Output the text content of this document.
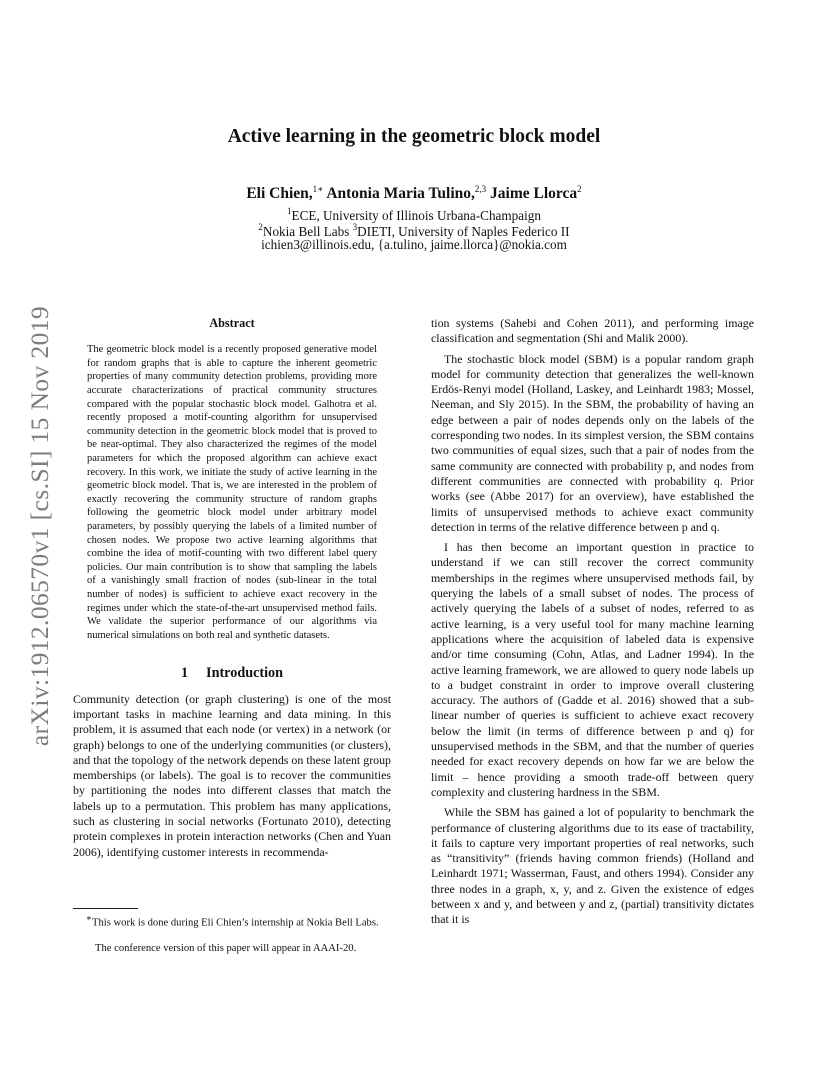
arXiv:1912.06570v1 [cs.SI] 15 Nov 2019
Active learning in the geometric block model
Eli Chien,$^{1∗}$ Antonia Maria Tulino,$^{2,3}$ Jaime Llorca$^2$
$^1$ECE, University of Illinois Urbana-Champaign
$^2$Nokia Bell Labs $^3$DIETI, University of Naples Federico II
ichien3@illinois.edu, {a.tulino, jaime.llorca}@nokia.com
Abstract

The geometric block model is a recently proposed generative model for random graphs that is able to capture the inherent geometric properties of many community detection problems, providing more accurate characterizations of practical community structures compared with the popular stochastic block model. Galhotra et al. recently proposed a motif-counting algorithm for unsupervised community detection in the geometric block model that is proved to be near-optimal. They also characterized the regimes of the model parameters for which the proposed algorithm can achieve exact recovery. In this work, we initiate the study of active learning in the geometric block model. That is, we are interested in the problem of exactly recovering the community structure of random graphs following the geometric block model under arbitrary model parameters, by possibly querying the labels of a limited number of chosen nodes. We propose two active learning algorithms that combine the idea of motif-counting with two different label query policies. Our main contribution is to show that sampling the labels of a vanishingly small fraction of nodes (sub-linear in the total number of nodes) is sufficient to achieve exact recovery in the regimes under which the state-of-the-art unsupervised method fails. We validate the superior performance of our algorithms via numerical simulations on both real and synthetic datasets.

1 Introduction

Community detection (or graph clustering) is one of the most important tasks in machine learning and data mining. In this problem, it is assumed that each node (or vertex) in a network (or graph) belongs to one of the underlying communities (or clusters), and that the topology of the network depends on these latent group memberships (or labels). The goal is to recover the communities by partitioning the nodes into different classes that match the labels up to a permutation. This problem has many applications, such as clustering in social networks (Fortunato 2010), detecting protein complexes in protein interaction networks (Chen and Yuan 2006), identifying customer interests in recommenda-

tion systems (Sahebi and Cohen 2011), and performing image classification and segmentation (Shi and Malik 2000).

The stochastic block model (SBM) is a popular random graph model for community detection that generalizes the well-known Erdös-Renyi model (Holland, Laskey, and Leinhardt 1983; Mossel, Neeman, and Sly 2015). In the SBM, the probability of having an edge between a pair of nodes depends only on the labels of the corresponding two nodes. In its simplest version, the SBM contains two communities of equal sizes, such that a pair of nodes from the same community are connected with probability p, and nodes from different communities are connected with probability q. Prior works (see (Abbe 2017) for an overview), have established the limits of unsupervised methods to achieve exact community detection in terms of the relative difference between p and q.

I has then become an important question in practice to understand if we can still recover the correct community memberships in the regimes where unsupervised methods fail, by querying the labels of a small subset of nodes. The process of actively querying the labels of a subset of nodes, referred to as active learning, is a very useful tool for many machine learning applications where the acquisition of labeled data is expensive and/or time consuming (Cohn, Atlas, and Ladner 1994). In the active learning framework, we are allowed to query node labels up to a budget constraint in order to improve overall clustering accuracy. The authors of (Gadde et al. 2016) showed that a sub-linear number of queries is sufficient to achieve exact recovery below the limit (in terms of difference between p and q) for unsupervised methods in the SBM, and that the number of queries needed for exact recovery depends on how far we are below the limit – hence providing a smooth trade-off between query complexity and clustering hardness in the SBM.

While the SBM has gained a lot of popularity to benchmark the performance of clustering algorithms due to its ease of tractability, it fails to capture very important properties of real networks, such as “transitivity” (friends having common friends) (Holland and Leinhardt 1971; Wasserman, Faust, and others 1994). Consider any three nodes in a graph, x, y, and z. Given the existence of edges between x and y, and between y and z, (partial) transitivity dictates that it is

∗This work is done during Eli Chien’s internship at Nokia Bell Labs.
The conference version of this paper will appear in AAAI-20.
